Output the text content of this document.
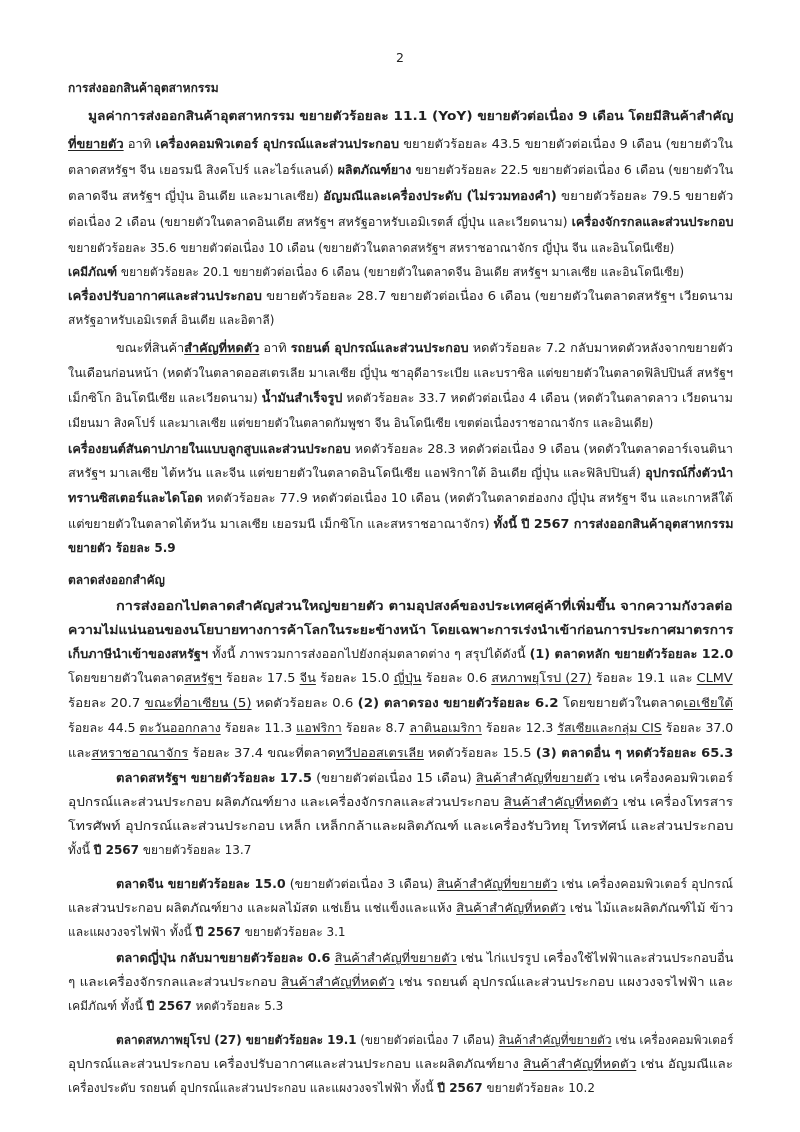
2
การส่งออกสินค้าอุตสาหกรรม
มูลค่าการส่งออกสินค้าอุตสาหกรรม ขยายตัวร้อยละ 11.1 (YoY) ขยายตัวต่อเนื่อง 9 เดือน โดยมีสินค้าสำคัญ
ที่ขยายตัว อาทิ เครื่องคอมพิวเตอร์ อุปกรณ์และส่วนประกอบ ขยายตัวร้อยละ 43.5 ขยายตัวต่อเนื่อง 9 เดือน (ขยายตัวใน
ตลาดสหรัฐฯ จีน เยอรมนี สิงคโปร์ และไอร์แลนด์) ผลิตภัณฑ์ยาง ขยายตัวร้อยละ 22.5 ขยายตัวต่อเนื่อง 6 เดือน (ขยายตัวใน
ตลาดจีน สหรัฐฯ ญี่ปุ่น อินเดีย และมาเลเซีย) อัญมณีและเครื่องประดับ (ไม่รวมทองคำ) ขยายตัวร้อยละ 79.5 ขยายตัว
ต่อเนื่อง 2 เดือน (ขยายตัวในตลาดอินเดีย สหรัฐฯ สหรัฐอาหรับเอมิเรตส์ ญี่ปุ่น และเวียดนาม) เครื่องจักรกลและส่วนประกอบ
ขยายตัวร้อยละ 35.6 ขยายตัวต่อเนื่อง 10 เดือน (ขยายตัวในตลาดสหรัฐฯ สหราชอาณาจักร ญี่ปุ่น จีน และอินโดนีเซีย)
เคมีภัณฑ์ ขยายตัวร้อยละ 20.1 ขยายตัวต่อเนื่อง 6 เดือน (ขยายตัวในตลาดจีน อินเดีย สหรัฐฯ มาเลเซีย และอินโดนีเซีย)
เครื่องปรับอากาศและส่วนประกอบ ขยายตัวร้อยละ 28.7 ขยายตัวต่อเนื่อง 6 เดือน (ขยายตัวในตลาดสหรัฐฯ เวียดนาม
สหรัฐอาหรับเอมิเรตส์ อินเดีย และอิตาลี)
ขณะที่สินค้าสำคัญที่หดตัว อาทิ รถยนต์ อุปกรณ์และส่วนประกอบ หดตัวร้อยละ 7.2 กลับมาหดตัวหลังจากขยายตัว
ในเดือนก่อนหน้า (หดตัวในตลาดออสเตรเลีย มาเลเซีย ญี่ปุ่น ซาอุดีอาระเบีย และบราซิล แต่ขยายตัวในตลาดฟิลิปปินส์ สหรัฐฯ
เม็กซิโก อินโดนีเซีย และเวียดนาม) น้ำมันสำเร็จรูป หดตัวร้อยละ 33.7 หดตัวต่อเนื่อง 4 เดือน (หดตัวในตลาดลาว เวียดนาม
เมียนมา สิงคโปร์ และมาเลเซีย แต่ขยายตัวในตลาดกัมพูชา จีน อินโดนีเซีย เขตต่อเนื่องราชอาณาจักร และอินเดีย)
เครื่องยนต์สันดาปภายในแบบลูกสูบและส่วนประกอบ หดตัวร้อยละ 28.3 หดตัวต่อเนื่อง 9 เดือน (หดตัวในตลาดอาร์เจนตินา
สหรัฐฯ มาเลเซีย ไต้หวัน และจีน แต่ขยายตัวในตลาดอินโดนีเซีย แอฟริกาใต้ อินเดีย ญี่ปุ่น และฟิลิปปินส์) อุปกรณ์กึ่งตัวนำ
ทรานซิสเตอร์และไดโอด หดตัวร้อยละ 77.9 หดตัวต่อเนื่อง 10 เดือน (หดตัวในตลาดฮ่องกง ญี่ปุ่น สหรัฐฯ จีน และเกาหลีใต้
แต่ขยายตัวในตลาดไต้หวัน มาเลเซีย เยอรมนี เม็กซิโก และสหราชอาณาจักร) ทั้งนี้ ปี 2567 การส่งออกสินค้าอุตสาหกรรม
ขยายตัว ร้อยละ 5.9
ตลาดส่งออกสำคัญ
การส่งออกไปตลาดสำคัญส่วนใหญ่ขยายตัว ตามอุปสงค์ของประเทศคู่ค้าที่เพิ่มขึ้น จากความกังวลต่อ
ความไม่แน่นอนของนโยบายทางการค้าโลกในระยะข้างหน้า โดยเฉพาะการเร่งนำเข้าก่อนการประกาศมาตรการ
เก็บภาษีนำเข้าของสหรัฐฯ ทั้งนี้ ภาพรวมการส่งออกไปยังกลุ่มตลาดต่าง ๆ สรุปได้ดังนี้ (1) ตลาดหลัก ขยายตัวร้อยละ 12.0
โดยขยายตัวในตลาดสหรัฐฯ ร้อยละ 17.5 จีน ร้อยละ 15.0 ญี่ปุ่น ร้อยละ 0.6 สหภาพยุโรป (27) ร้อยละ 19.1 และ CLMV
ร้อยละ 20.7 ขณะที่อาเซียน (5) หดตัวร้อยละ 0.6 (2) ตลาดรอง ขยายตัวร้อยละ 6.2 โดยขยายตัวในตลาดเอเชียใต้
ร้อยละ 44.5 ตะวันออกกลาง ร้อยละ 11.3 แอฟริกา ร้อยละ 8.7 ลาตินอเมริกา ร้อยละ 12.3 รัสเซียและกลุ่ม CIS ร้อยละ 37.0
และสหราชอาณาจักร ร้อยละ 37.4 ขณะที่ตลาดทวีปออสเตรเลีย หดตัวร้อยละ 15.5 (3) ตลาดอื่น ๆ หดตัวร้อยละ 65.3
ตลาดสหรัฐฯ ขยายตัวร้อยละ 17.5 (ขยายตัวต่อเนื่อง 15 เดือน) สินค้าสำคัญที่ขยายตัว เช่น เครื่องคอมพิวเตอร์
อุปกรณ์และส่วนประกอบ ผลิตภัณฑ์ยาง และเครื่องจักรกลและส่วนประกอบ สินค้าสำคัญที่หดตัว เช่น เครื่องโทรสาร
โทรศัพท์ อุปกรณ์และส่วนประกอบ เหล็ก เหล็กกล้าและผลิตภัณฑ์ และเครื่องรับวิทยุ โทรทัศน์ และส่วนประกอบ
ทั้งนี้ ปี 2567 ขยายตัวร้อยละ 13.7
ตลาดจีน ขยายตัวร้อยละ 15.0 (ขยายตัวต่อเนื่อง 3 เดือน) สินค้าสำคัญที่ขยายตัว เช่น เครื่องคอมพิวเตอร์ อุปกรณ์
และส่วนประกอบ ผลิตภัณฑ์ยาง และผลไม้สด แช่เย็น แช่แข็งและแห้ง สินค้าสำคัญที่หดตัว เช่น ไม้และผลิตภัณฑ์ไม้ ข้าว
และแผงวงจรไฟฟ้า ทั้งนี้ ปี 2567 ขยายตัวร้อยละ 3.1
ตลาดญี่ปุ่น กลับมาขยายตัวร้อยละ 0.6 สินค้าสำคัญที่ขยายตัว เช่น ไก่แปรรูป เครื่องใช้ไฟฟ้าและส่วนประกอบอื่น
ๆ และเครื่องจักรกลและส่วนประกอบ สินค้าสำคัญที่หดตัว เช่น รถยนต์ อุปกรณ์และส่วนประกอบ แผงวงจรไฟฟ้า และ
เคมีภัณฑ์ ทั้งนี้ ปี 2567 หดตัวร้อยละ 5.3
ตลาดสหภาพยุโรป (27) ขยายตัวร้อยละ 19.1 (ขยายตัวต่อเนื่อง 7 เดือน) สินค้าสำคัญที่ขยายตัว เช่น เครื่องคอมพิวเตอร์
อุปกรณ์และส่วนประกอบ เครื่องปรับอากาศและส่วนประกอบ และผลิตภัณฑ์ยาง สินค้าสำคัญที่หดตัว เช่น อัญมณีและ
เครื่องประดับ รถยนต์ อุปกรณ์และส่วนประกอบ และแผงวงจรไฟฟ้า ทั้งนี้ ปี 2567 ขยายตัวร้อยละ 10.2
